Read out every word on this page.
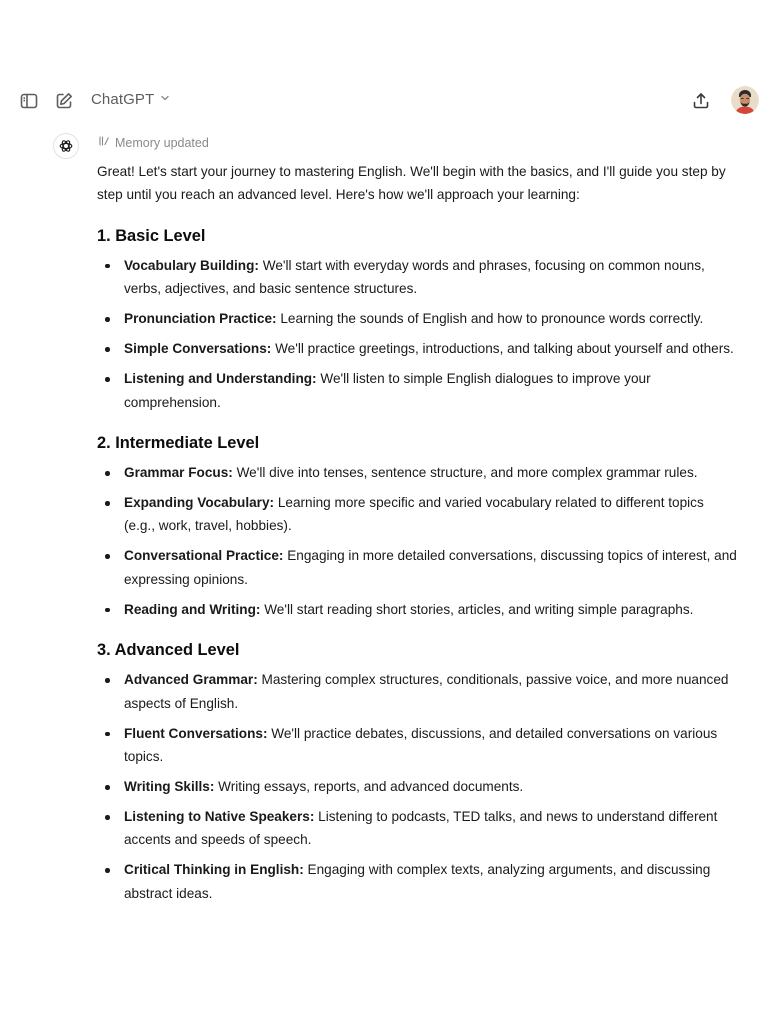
ChatGPT
Memory updated

Great! Let's start your journey to mastering English. We'll begin with the basics, and I'll guide you step by step until you reach an advanced level. Here's how we'll approach your learning:

1. Basic Level
Vocabulary Building: We'll start with everyday words and phrases, focusing on common nouns, verbs, adjectives, and basic sentence structures.
Pronunciation Practice: Learning the sounds of English and how to pronounce words correctly.
Simple Conversations: We'll practice greetings, introductions, and talking about yourself and others.
Listening and Understanding: We'll listen to simple English dialogues to improve your comprehension.
2. Intermediate Level
Grammar Focus: We'll dive into tenses, sentence structure, and more complex grammar rules.
Expanding Vocabulary: Learning more specific and varied vocabulary related to different topics (e.g., work, travel, hobbies).
Conversational Practice: Engaging in more detailed conversations, discussing topics of interest, and expressing opinions.
Reading and Writing: We'll start reading short stories, articles, and writing simple paragraphs.
3. Advanced Level
Advanced Grammar: Mastering complex structures, conditionals, passive voice, and more nuanced aspects of English.
Fluent Conversations: We'll practice debates, discussions, and detailed conversations on various topics.
Writing Skills: Writing essays, reports, and advanced documents.
Listening to Native Speakers: Listening to podcasts, TED talks, and news to understand different accents and speeds of speech.
Critical Thinking in English: Engaging with complex texts, analyzing arguments, and discussing abstract ideas.
